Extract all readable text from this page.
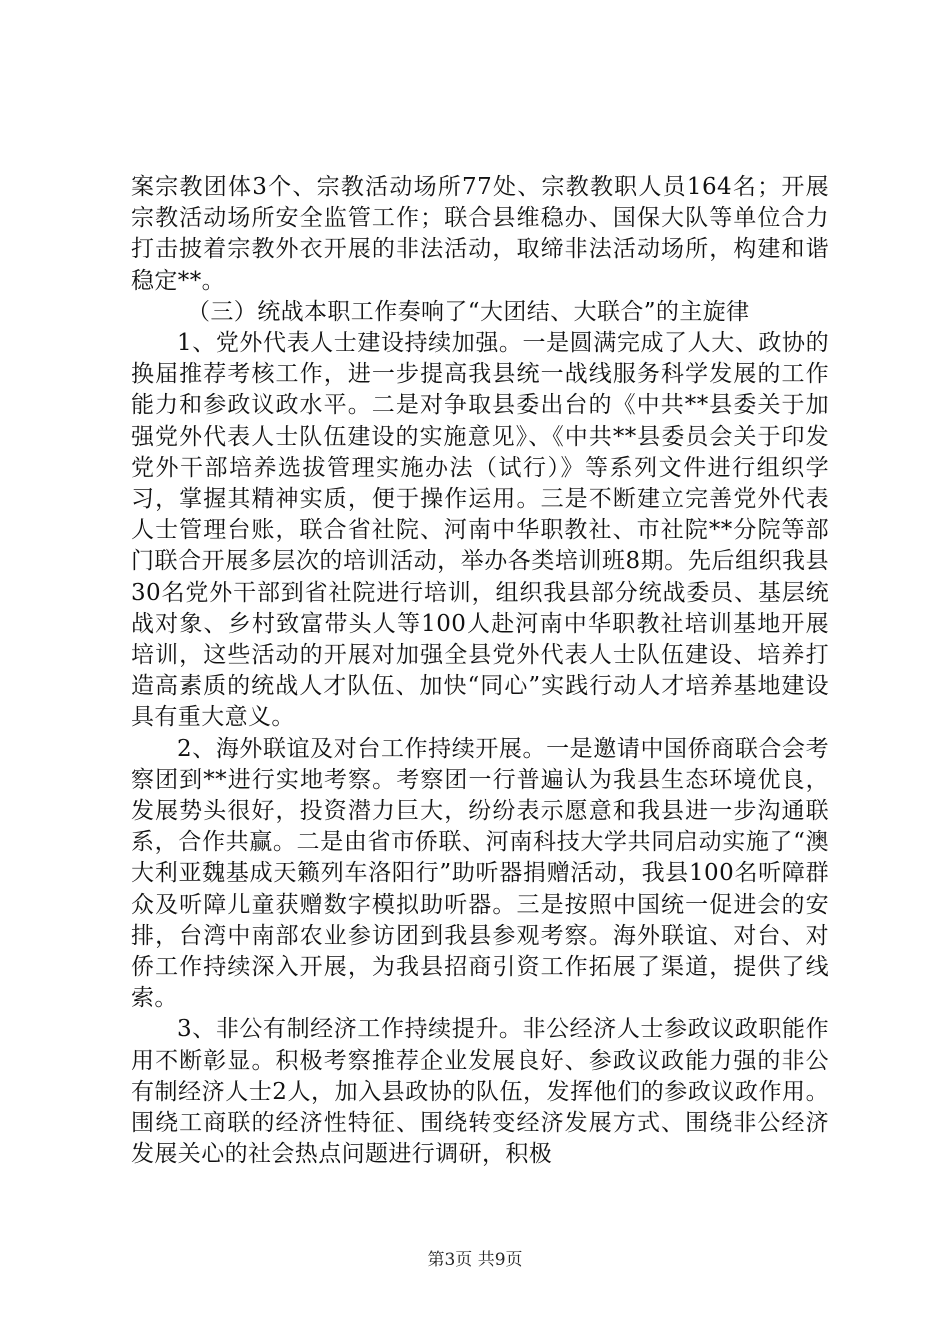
案宗教团体3个、宗教活动场所77处、宗教教职人员164名；开展宗教活动场所安全监管工作；联合县维稳办、国保大队等单位合力打击披着宗教外衣开展的非法活动，取缔非法活动场所，构建和谐稳定**。

（三）统战本职工作奏响了“大团结、大联合”的主旋律

1、党外代表人士建设持续加强。一是圆满完成了人大、政协的换届推荐考核工作，进一步提高我县统一战线服务科学发展的工作能力和参政议政水平。二是对争取县委出台的《中共**县委关于加强党外代表人士队伍建设的实施意见》、《中共**县委员会关于印发党外干部培养选拔管理实施办法（试行）》等系列文件进行组织学习，掌握其精神实质，便于操作运用。三是不断建立完善党外代表人士管理台账，联合省社院、河南中华职教社、市社院**分院等部门联合开展多层次的培训活动，举办各类培训班8期。先后组织我县30名党外干部到省社院进行培训，组织我县部分统战委员、基层统战对象、乡村致富带头人等100人赴河南中华职教社培训基地开展培训，这些活动的开展对加强全县党外代表人士队伍建设、培养打造高素质的统战人才队伍、加快“同心”实践行动人才培养基地建设具有重大意义。

2、海外联谊及对台工作持续开展。一是邀请中国侨商联合会考察团到**进行实地考察。考察团一行普遍认为我县生态环境优良，发展势头很好，投资潜力巨大，纷纷表示愿意和我县进一步沟通联系，合作共赢。二是由省市侨联、河南科技大学共同启动实施了“澳大利亚魏基成天籁列车洛阳行”助听器捐赠活动，我县100名听障群众及听障儿童获赠数字模拟助听器。三是按照中国统一促进会的安排，台湾中南部农业参访团到我县参观考察。海外联谊、对台、对侨工作持续深入开展，为我县招商引资工作拓展了渠道，提供了线索。

3、非公有制经济工作持续提升。非公经济人士参政议政职能作用不断彰显。积极考察推荐企业发展良好、参政议政能力强的非公有制经济人士2人，加入县政协的队伍，发挥他们的参政议政作用。围绕工商联的经济性特征、围绕转变经济发展方式、围绕非公经济发展关心的社会热点问题进行调研，积极

第3页 共9页
